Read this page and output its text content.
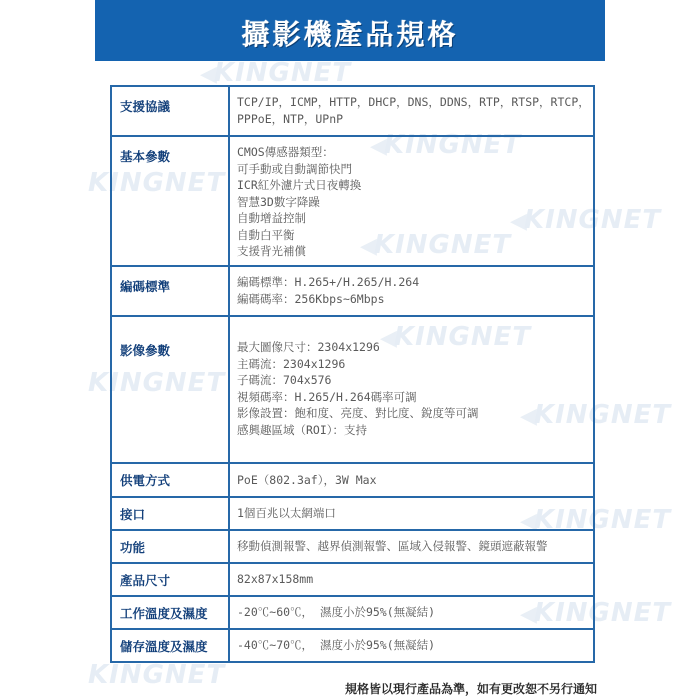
攝影機產品規格
◀KINGNET
KINGNET
◀KINGNET
◀KINGNET
◀KINGNET
◀KINGNET
KINGNET
◀KINGNET
◀KINGNET
◀KINGNET
KINGNET
支援協議	TCP/IP，ICMP，HTTP，DHCP，DNS，DDNS，RTP，RTSP，RTCP，
PPPoE，NTP，UPnP

基本參數	CMOS傳感器類型：
可手動或自動調節快門
ICR紅外濾片式日夜轉換
智慧3D數字降躁
自動增益控制
自動白平衡
支援背光補償

編碼標準	編碼標準：H.265+/H.265/H.264
編碼碼率：256Kbps~6Mbps

影像參數	最大圖像尺寸：2304x1296
主碼流：2304x1296
子碼流：704x576
視頻碼率：H.265/H.264碼率可調
影像設置：飽和度、亮度、對比度、銳度等可調
感興趣區域（ROI）：支持

供電方式	PoE（802.3af），3W Max

接口	1個百兆以太網端口

功能	移動偵測報警、越界偵測報警、區域入侵報警、鏡頭遮蔽報警

產品尺寸	82x87x158mm

工作溫度及濕度	-20℃~60℃， 濕度小於95%(無凝結)

儲存溫度及濕度	-40℃~70℃， 濕度小於95%(無凝結)
規格皆以現行產品為準，如有更改恕不另行通知
